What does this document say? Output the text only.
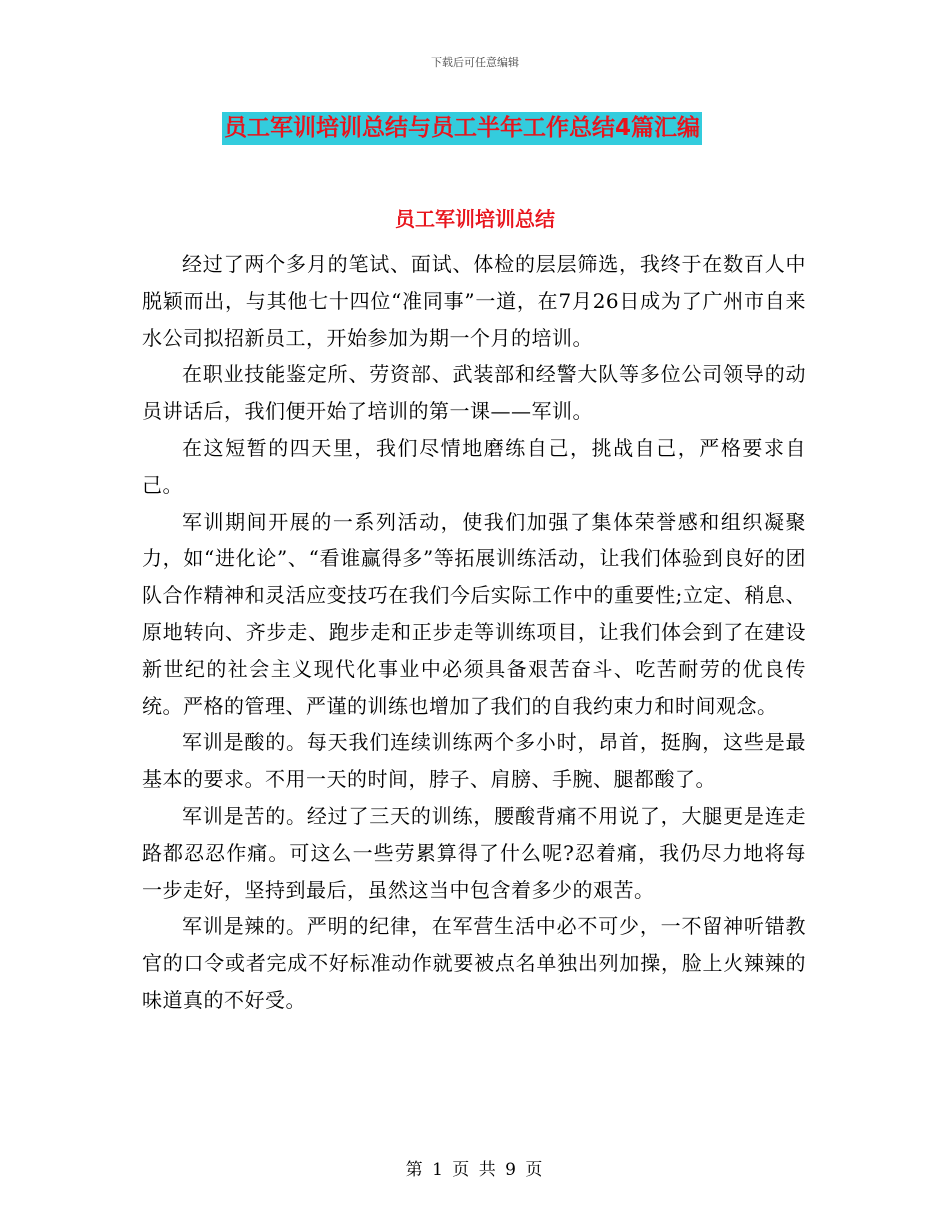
下载后可任意编辑
员工军训培训总结与员工半年工作总结4篇汇编
员工军训培训总结

经过了两个多月的笔试、面试、体检的层层筛选，我终于在数百人中脱颖而出，与其他七十四位“准同事”一道，在7月26日成为了广州市自来水公司拟招新员工，开始参加为期一个月的培训。

在职业技能鉴定所、劳资部、武装部和经警大队等多位公司领导的动员讲话后，我们便开始了培训的第一课——军训。

在这短暂的四天里，我们尽情地磨练自己，挑战自己，严格要求自己。

军训期间开展的一系列活动，使我们加强了集体荣誉感和组织凝聚力，如“进化论”、“看谁赢得多”等拓展训练活动，让我们体验到良好的团队合作精神和灵活应变技巧在我们今后实际工作中的重要性;立定、稍息、原地转向、齐步走、跑步走和正步走等训练项目，让我们体会到了在建设新世纪的社会主义现代化事业中必须具备艰苦奋斗、吃苦耐劳的优良传统。严格的管理、严谨的训练也增加了我们的自我约束力和时间观念。

军训是酸的。每天我们连续训练两个多小时，昂首，挺胸，这些是最基本的要求。不用一天的时间，脖子、肩膀、手腕、腿都酸了。

军训是苦的。经过了三天的训练，腰酸背痛不用说了，大腿更是连走路都忍忍作痛。可这么一些劳累算得了什么呢?忍着痛，我仍尽力地将每一步走好，坚持到最后，虽然这当中包含着多少的艰苦。

军训是辣的。严明的纪律，在军营生活中必不可少，一不留神听错教官的口令或者完成不好标准动作就要被点名单独出列加操，脸上火辣辣的味道真的不好受。

第 1 页 共 9 页
